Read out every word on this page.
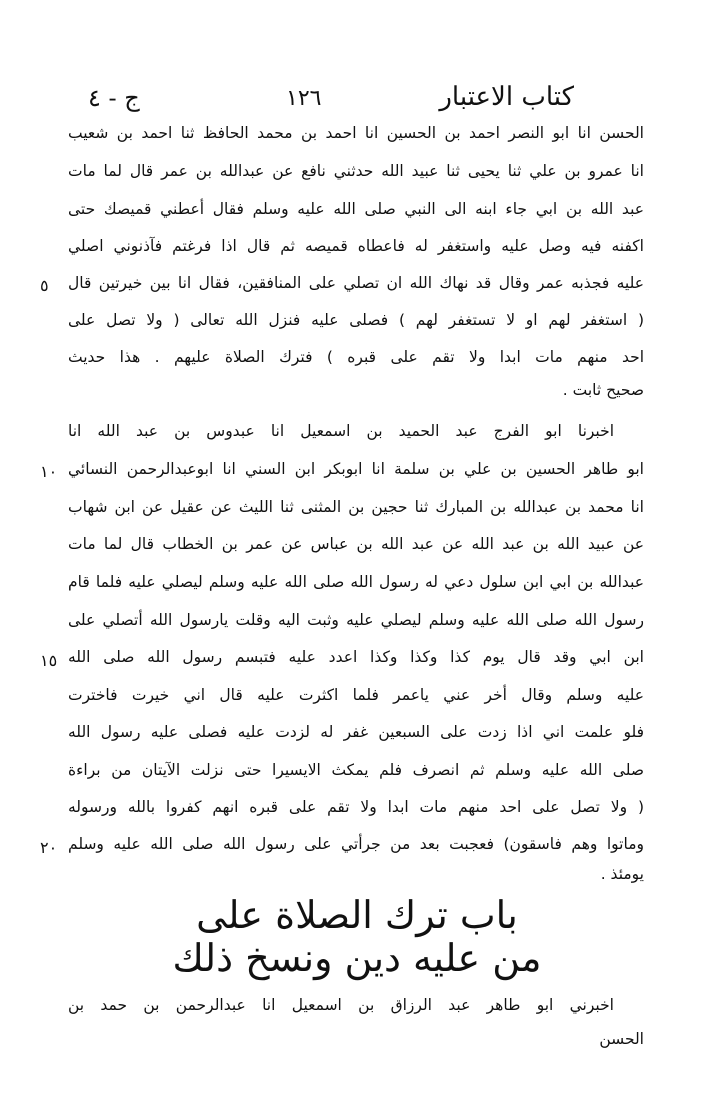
كتاب الاعتبار
١٢٦
ج - ٤
الحسن انا ابو النصر احمد بن الحسين انا احمد بن محمد الحافظ ثنا احمد بن شعيب
انا عمرو بن علي ثنا يحيى ثنا عبيد الله حدثني نافع عن عبدالله بن عمر قال لما مات
عبد الله بن ابي جاء ابنه الى النبي صلى الله عليه وسلم فقال أعطني قميصك حتى
اكفنه فيه وصل عليه واستغفر له فاعطاه قميصه ثم قال اذا فرغتم فآذنوني اصلي
عليه فجذبه عمر وقال قد نهاك الله ان تصلي على المنافقين، فقال انا بين خيرتين قال
( استغفر لهم او لا تستغفر لهم ) فصلى عليه فنزل الله تعالى ( ولا تصل على
احد منهم مات ابدا ولا تقم على قبره ) فترك الصلاة عليهم . هذا حديث
صحيح ثابت .
اخبرنا ابو الفرج عبد الحميد بن اسمعيل انا عبدوس بن عبد الله انا
ابو طاهر الحسين بن علي بن سلمة انا ابوبكر ابن السني انا ابوعبدالرحمن النسائي
انا محمد بن عبدالله بن المبارك ثنا حجين بن المثنى ثنا الليث عن عقيل عن ابن شهاب
عن عبيد الله بن عبد الله عن عبد الله بن عباس عن عمر بن الخطاب قال لما مات
عبدالله بن ابي ابن سلول دعي له رسول الله صلى الله عليه وسلم ليصلي عليه فلما قام
رسول الله صلى الله عليه وسلم ليصلي عليه وثبت اليه وقلت يارسول الله أتصلي على
ابن ابي وقد قال يوم كذا وكذا وكذا اعدد عليه فتبسم رسول الله صلى الله
عليه وسلم وقال أخر عني ياعمر فلما اكثرت عليه قال اني خيرت فاخترت
فلو علمت اني اذا زدت على السبعين غفر له لزدت عليه فصلى عليه رسول الله
صلى الله عليه وسلم ثم انصرف فلم يمكث الايسيرا حتى نزلت الآيتان من براءة
( ولا تصل على احد منهم مات ابدا ولا تقم على قبره انهم كفروا بالله ورسوله
وماتوا وهم فاسقون) فعجبت بعد من جرأتي على رسول الله صلى الله عليه وسلم
يومئذ .
٥
١٠
١٥
٢٠
باب ترك الصلاة على
من عليه دين ونسخ ذلك
اخبرني ابو طاهر عبد الرزاق بن اسمعيل انا عبدالرحمن بن حمد بن
الحسن
